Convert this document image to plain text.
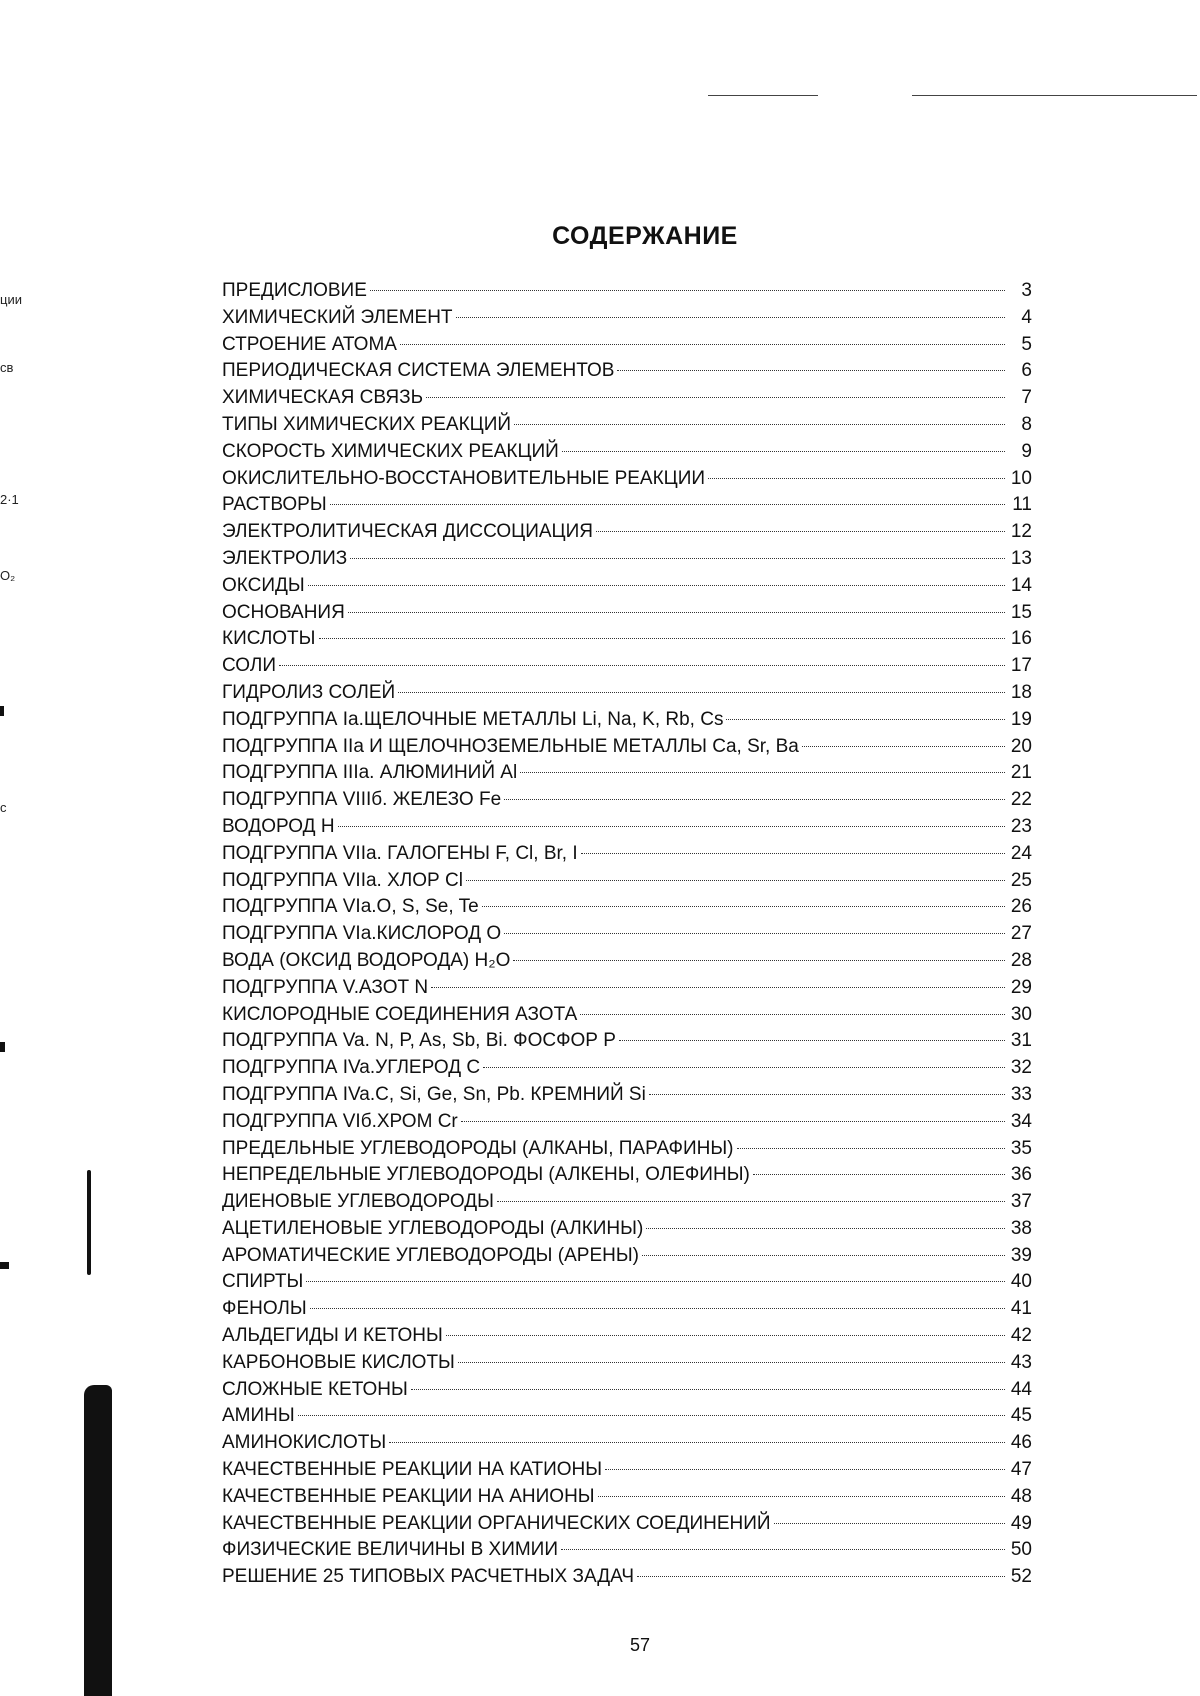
ции
св
2·1
O₂
с
СОДЕРЖАНИЕ
ПРЕДИСЛОВИЕ	3
ХИМИЧЕСКИЙ ЭЛЕМЕНТ	4
СТРОЕНИЕ АТОМА	5
ПЕРИОДИЧЕСКАЯ СИСТЕМА ЭЛЕМЕНТОВ	6
ХИМИЧЕСКАЯ СВЯЗЬ	7
ТИПЫ ХИМИЧЕСКИХ РЕАКЦИЙ	8
СКОРОСТЬ ХИМИЧЕСКИХ РЕАКЦИЙ	9
ОКИСЛИТЕЛЬНО-ВОССТАНОВИТЕЛЬНЫЕ РЕАКЦИИ	10
РАСТВОРЫ	11
ЭЛЕКТРОЛИТИЧЕСКАЯ ДИССОЦИАЦИЯ	12
ЭЛЕКТРОЛИЗ	13
ОКСИДЫ	14
ОСНОВАНИЯ	15
КИСЛОТЫ	16
СОЛИ	17
ГИДРОЛИЗ СОЛЕЙ	18
ПОДГРУППА Ia.ЩЕЛОЧНЫЕ МЕТАЛЛЫ Li, Na, K, Rb, Cs	19
ПОДГРУППА IIa И ЩЕЛОЧНОЗЕМЕЛЬНЫЕ МЕТАЛЛЫ Ca, Sr, Ba	20
ПОДГРУППА IIIa. АЛЮМИНИЙ Al	21
ПОДГРУППА VIIIб. ЖЕЛЕЗО Fe	22
ВОДОРОД H	23
ПОДГРУППА VIIa. ГАЛОГЕНЫ F, Cl, Br, I	24
ПОДГРУППА VIIa. ХЛОР Cl	25
ПОДГРУППА VIa.O, S, Se, Te	26
ПОДГРУППА VIa.КИСЛОРОД O	27
ВОДА (ОКСИД ВОДОРОДА) H₂O	28
ПОДГРУППА V.АЗОТ N	29
КИСЛОРОДНЫЕ СОЕДИНЕНИЯ АЗОТА	30
ПОДГРУППА Va. N, P, As, Sb, Bi. ФОСФОР P	31
ПОДГРУППА IVa.УГЛЕРОД C	32
ПОДГРУППА IVa.C, Si, Ge, Sn, Pb. КРЕМНИЙ Si	33
ПОДГРУППА VIб.ХРОМ Cr	34
ПРЕДЕЛЬНЫЕ УГЛЕВОДОРОДЫ (АЛКАНЫ, ПАРАФИНЫ)	35
НЕПРЕДЕЛЬНЫЕ УГЛЕВОДОРОДЫ (АЛКЕНЫ, ОЛЕФИНЫ)	36
ДИЕНОВЫЕ УГЛЕВОДОРОДЫ	37
АЦЕТИЛЕНОВЫЕ УГЛЕВОДОРОДЫ (АЛКИНЫ)	38
АРОМАТИЧЕСКИЕ УГЛЕВОДОРОДЫ (АРЕНЫ)	39
СПИРТЫ	40
ФЕНОЛЫ	41
АЛЬДЕГИДЫ И КЕТОНЫ	42
КАРБОНОВЫЕ КИСЛОТЫ	43
СЛОЖНЫЕ КЕТОНЫ	44
АМИНЫ	45
АМИНОКИСЛОТЫ	46
КАЧЕСТВЕННЫЕ РЕАКЦИИ НА КАТИОНЫ	47
КАЧЕСТВЕННЫЕ РЕАКЦИИ НА АНИОНЫ	48
КАЧЕСТВЕННЫЕ РЕАКЦИИ ОРГАНИЧЕСКИХ СОЕДИНЕНИЙ	49
ФИЗИЧЕСКИЕ ВЕЛИЧИНЫ В ХИМИИ	50
РЕШЕНИЕ 25 ТИПОВЫХ РАСЧЕТНЫХ ЗАДАЧ	52
57
